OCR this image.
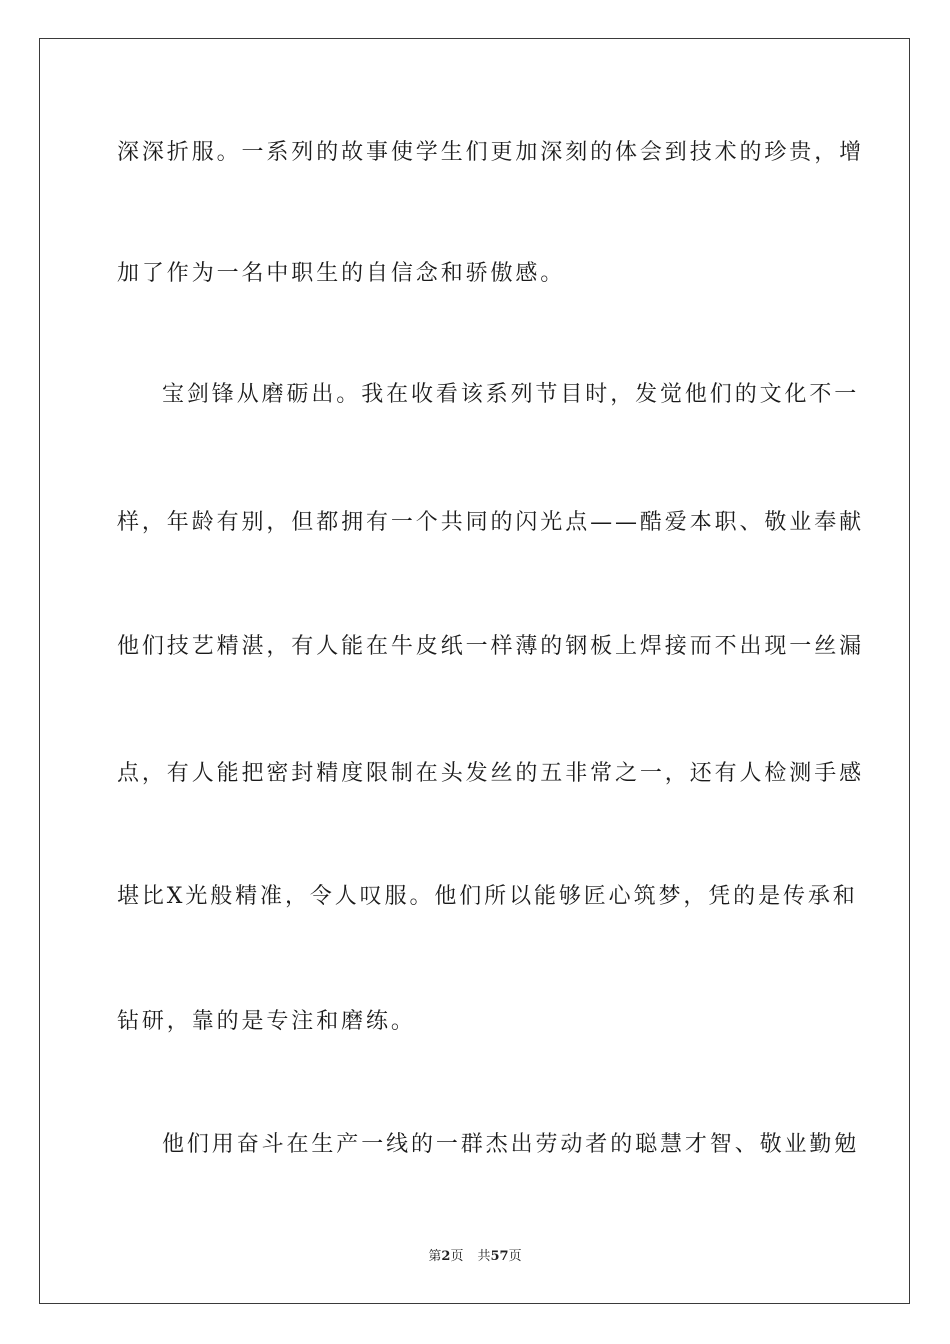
深深折服。一系列的故事使学生们更加深刻的体会到技术的珍贵，增
加了作为一名中职生的自信念和骄傲感。
宝剑锋从磨砺出。我在收看该系列节目时，发觉他们的文化不一
样，年龄有别，但都拥有一个共同的闪光点——酷爱本职、敬业奉献
他们技艺精湛，有人能在牛皮纸一样薄的钢板上焊接而不出现一丝漏
点，有人能把密封精度限制在头发丝的五非常之一，还有人检测手感
堪比X光般精准，令人叹服。他们所以能够匠心筑梦，凭的是传承和
钻研，靠的是专注和磨练。
他们用奋斗在生产一线的一群杰出劳动者的聪慧才智、敬业勤勉
第2页 共57页
